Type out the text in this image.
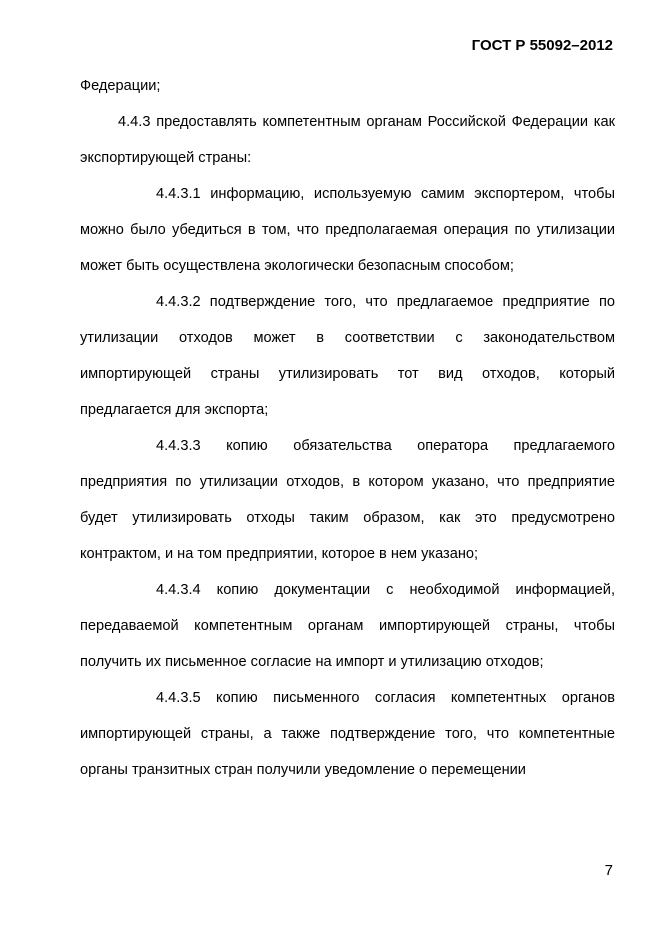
ГОСТ Р 55092–2012

Федерации;

4.4.3 предоставлять компетентным органам Российской Федерации как экспортирующей страны:

4.4.3.1 информацию, используемую самим экспортером, чтобы можно было убедиться в том, что предполагаемая операция по утилизации может быть осуществлена экологически безопасным способом;

4.4.3.2 подтверждение того, что предлагаемое предприятие по утилизации отходов может в соответствии с законодательством импортирующей страны утилизировать тот вид отходов, который предлагается для экспорта;

4.4.3.3 копию обязательства оператора предлагаемого предприятия по утилизации отходов, в котором указано, что предприятие будет утилизировать отходы таким образом, как это предусмотрено контрактом, и на том предприятии, которое в нем указано;

4.4.3.4 копию документации с необходимой информацией, передаваемой компетентным органам импортирующей страны, чтобы получить их письменное согласие на импорт и утилизацию отходов;

4.4.3.5 копию письменного согласия компетентных органов импортирующей страны, а также подтверждение того, что компетентные органы транзитных стран получили уведомление о перемещении

7
